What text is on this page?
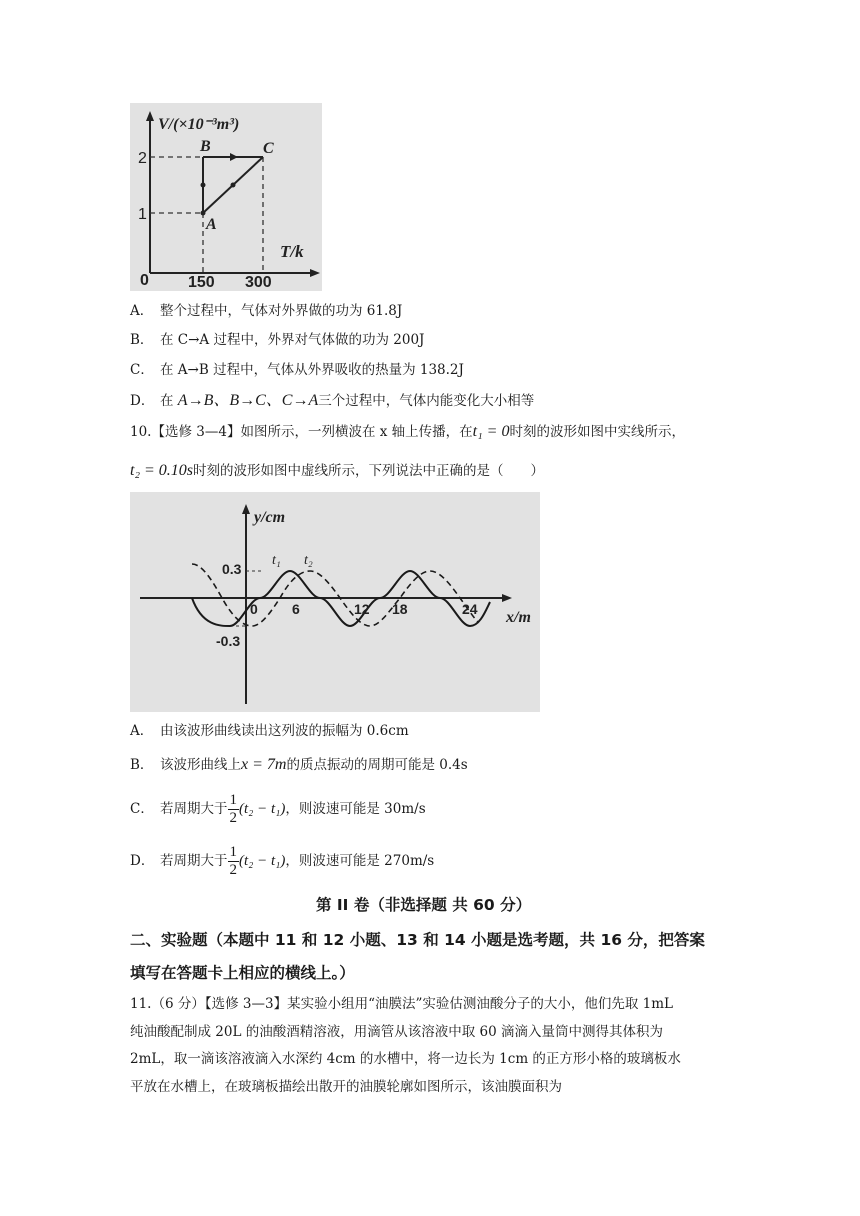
V/(×10⁻³m³)
2
1
0 150 300
T/k
B	C
A
A． 整个过程中，气体对外界做的功为 61.8J
B． 在 C→A 过程中，外界对气体做的功为 200J
C． 在 A→B 过程中，气体从外界吸收的热量为 138.2J
D． 在 A→B、B→C、C→A三个过程中，气体内能变化大小相等
10.【选修 3—4】如图所示，一列横波在 x 轴上传播，在t₁ = 0时刻的波形如图中实线所示，
t₂ = 0.10s时刻的波形如图中虚线所示，下列说法中正确的是（　　）
y/cm
x/m
0.3
-0.3
0 6	12 18	24
t₁ t₂
A． 由该波形曲线读出这列波的振幅为 0.6cm
B． 该波形曲线上x = 7m的质点振动的周期可能是 0.4s
C． 若周期大于 $\frac{1}{2} (t_2 - t_1)$，则波速可能是 30m/s
D． 若周期大于 $\frac{1}{2} (t_2 - t_1)$，则波速可能是 270m/s
第 II 卷（非选择题 共 60 分）
二、实验题（本题中 11 和 12 小题、13 和 14 小题是选考题，共 16 分，把答案
填写在答题卡上相应的横线上。）
11.（6 分）【选修 3—3】某实验小组用“油膜法”实验估测油酸分子的大小，他们先取 1mL
纯油酸配制成 20L 的油酸酒精溶液，用滴管从该溶液中取 60 滴滴入量筒中测得其体积为
2mL，取一滴该溶液滴入水深约 4cm 的水槽中，将一边长为 1cm 的正方形小格的玻璃板水
平放在水槽上，在玻璃板描绘出散开的油膜轮廓如图所示，该油膜面积为
